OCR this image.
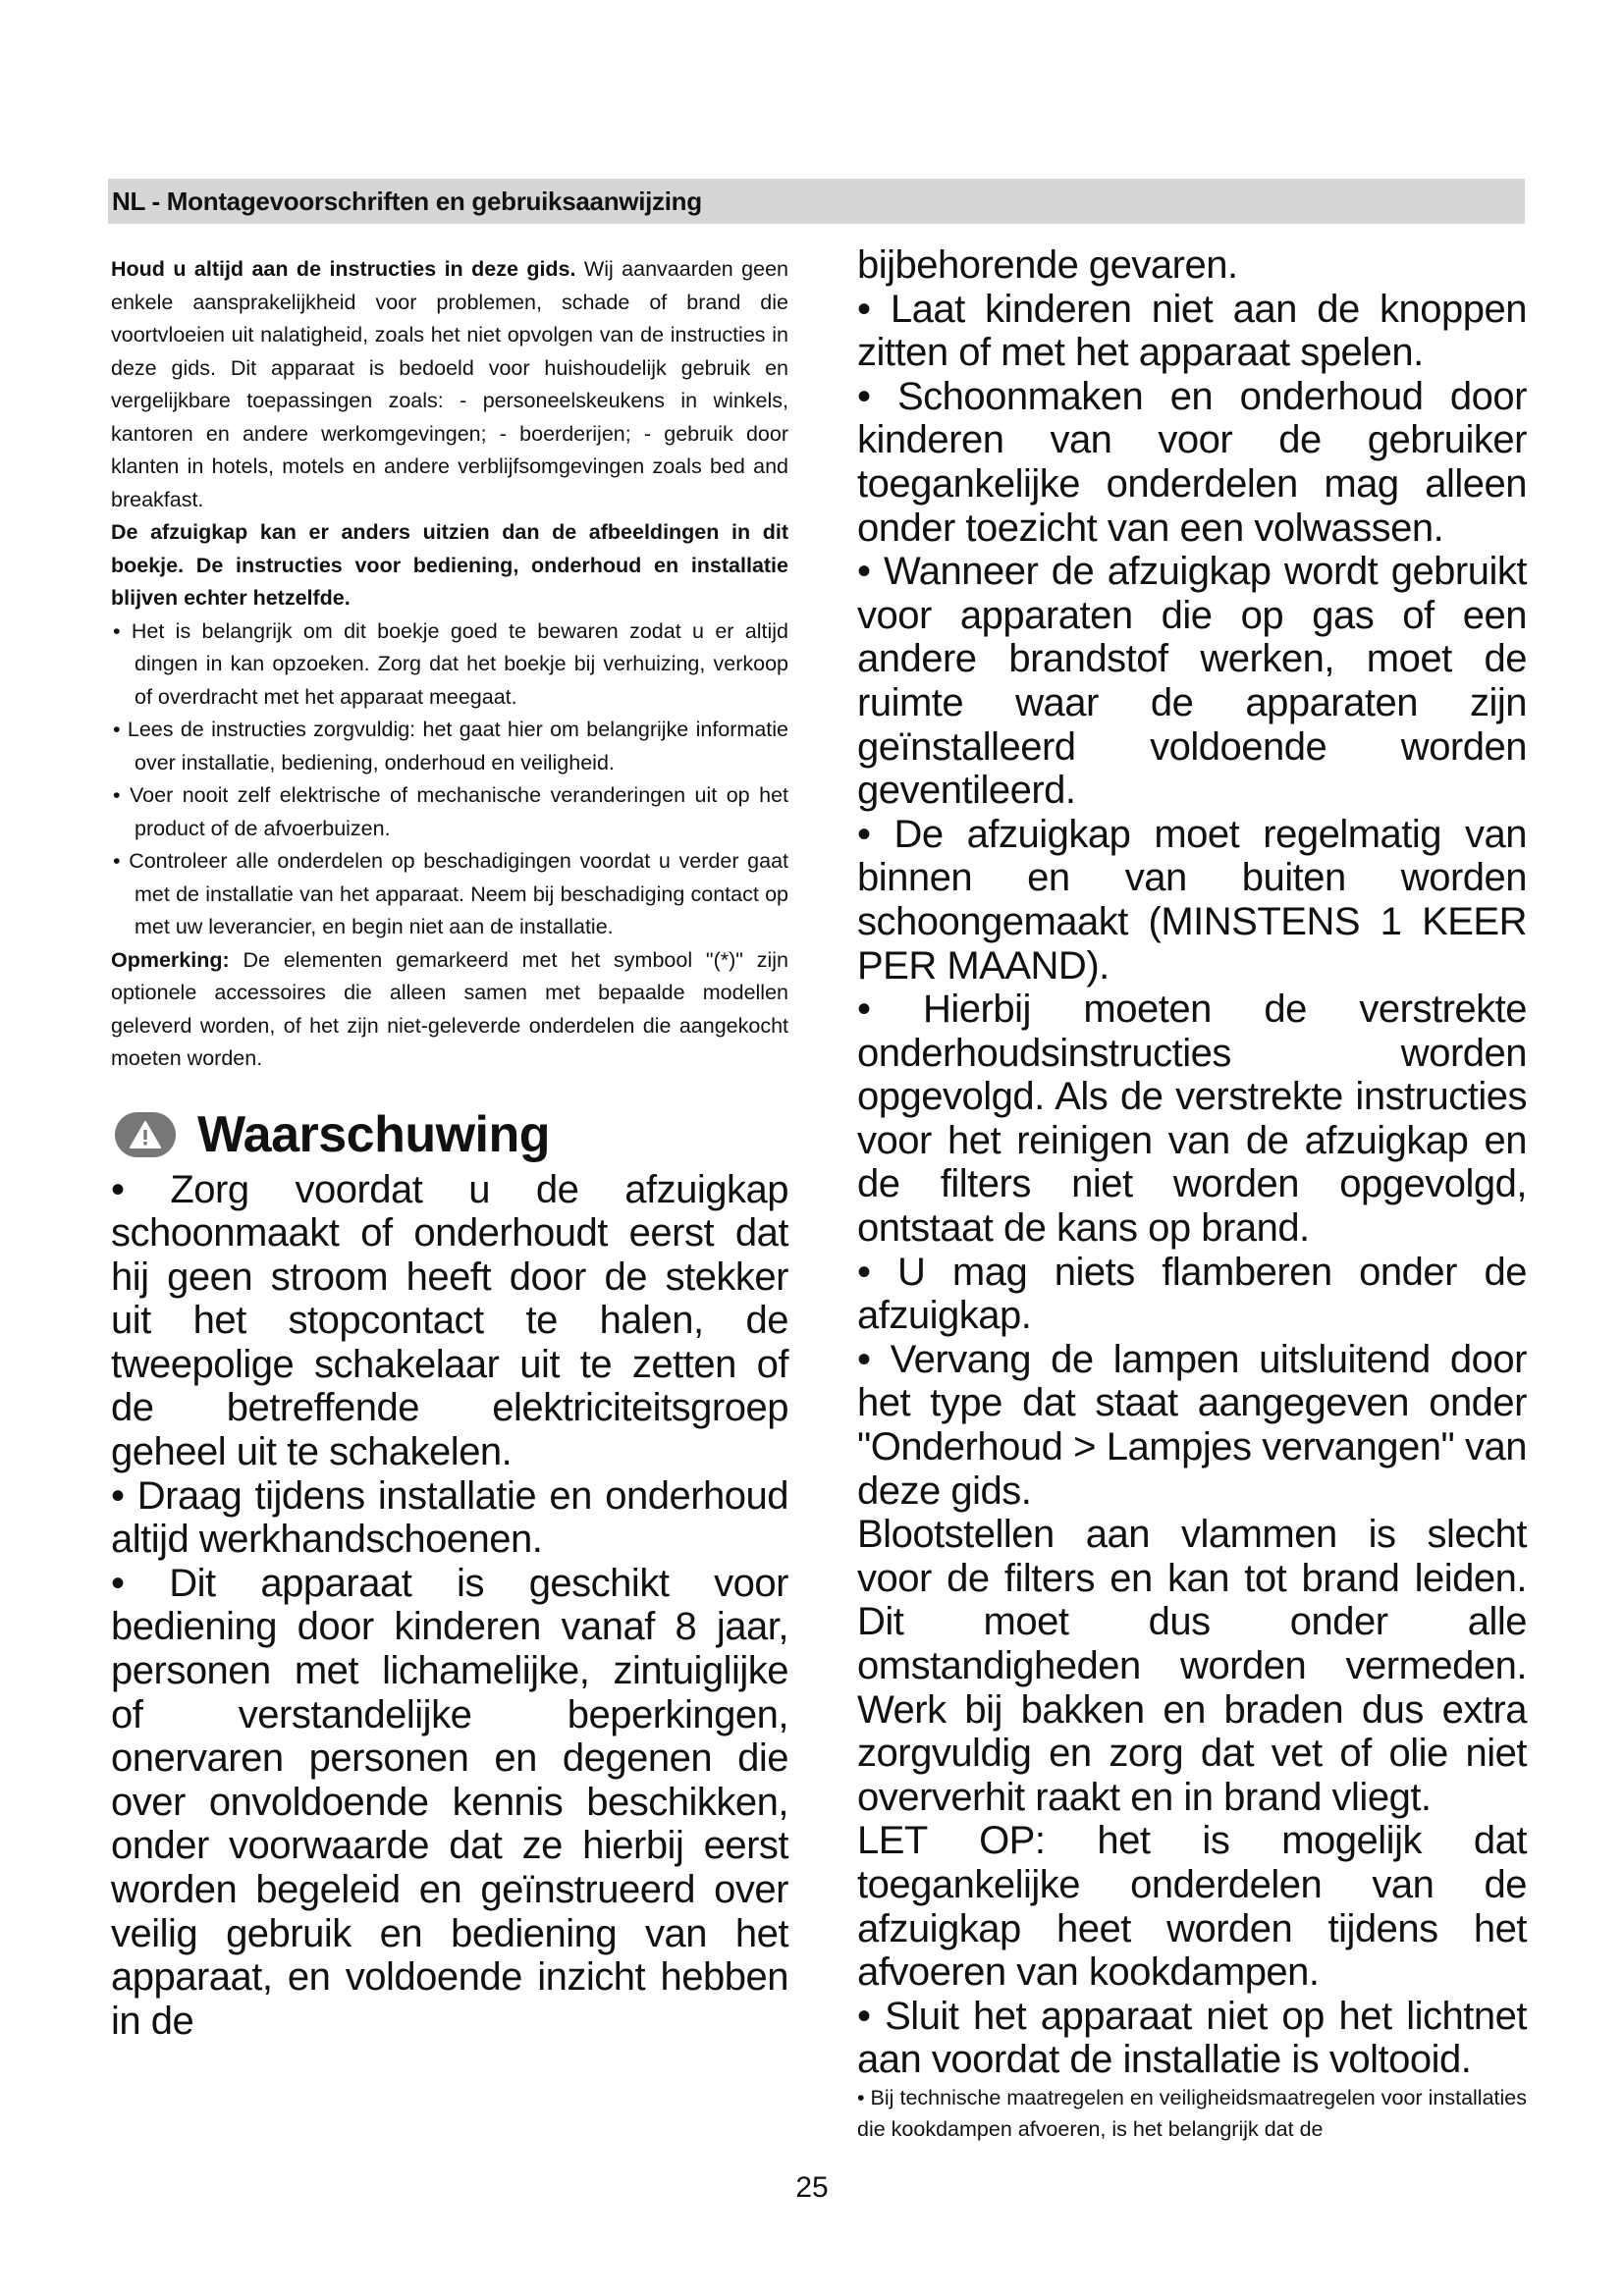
NL - Montagevoorschriften en gebruiksaanwijzing

Houd u altijd aan de instructies in deze gids. Wij aanvaarden geen enkele aansprakelijkheid voor problemen, schade of brand die voortvloeien uit nalatigheid, zoals het niet opvolgen van de instructies in deze gids. Dit apparaat is bedoeld voor huishoudelijk gebruik en vergelijkbare toepassingen zoals: - personeelskeukens in winkels, kantoren en andere werkomgevingen; - boerderijen; - gebruik door klanten in hotels, motels en andere verblijfsomgevingen zoals bed and breakfast.

De afzuigkap kan er anders uitzien dan de afbeeldingen in dit boekje. De instructies voor bediening, onderhoud en installatie blijven echter hetzelfde.

• Het is belangrijk om dit boekje goed te bewaren zodat u er altijd dingen in kan opzoeken. Zorg dat het boekje bij verhuizing, verkoop of overdracht met het apparaat meegaat.

• Lees de instructies zorgvuldig: het gaat hier om belangrijke informatie over installatie, bediening, onderhoud en veiligheid.

• Voer nooit zelf elektrische of mechanische veranderingen uit op het product of de afvoerbuizen.

• Controleer alle onderdelen op beschadigingen voordat u verder gaat met de installatie van het apparaat. Neem bij beschadiging contact op met uw leverancier, en begin niet aan de installatie.

Opmerking: De elementen gemarkeerd met het symbool "(*)" zijn optionele accessoires die alleen samen met bepaalde modellen geleverd worden, of het zijn niet-geleverde onderdelen die aangekocht moeten worden.

Waarschuwing

• Zorg voordat u de afzuigkap schoonmaakt of onderhoudt eerst dat hij geen stroom heeft door de stekker uit het stopcontact te halen, de tweepolige schakelaar uit te zetten of de betreffende elektriciteitsgroep geheel uit te schakelen.

• Draag tijdens installatie en onderhoud altijd werkhandschoenen.

• Dit apparaat is geschikt voor bediening door kinderen vanaf 8 jaar, personen met lichamelijke, zintuiglijke of verstandelijke beperkingen, onervaren personen en degenen die over onvoldoende kennis beschikken, onder voorwaarde dat ze hierbij eerst worden begeleid en geïnstrueerd over veilig gebruik en bediening van het apparaat, en voldoende inzicht hebben in de

bijbehorende gevaren.

• Laat kinderen niet aan de knoppen zitten of met het apparaat spelen.

• Schoonmaken en onderhoud door kinderen van voor de gebruiker toegankelijke onderdelen mag alleen onder toezicht van een volwassen.

• Wanneer de afzuigkap wordt gebruikt voor apparaten die op gas of een andere brandstof werken, moet de ruimte waar de apparaten zijn geïnstalleerd voldoende worden geventileerd.

• De afzuigkap moet regelmatig van binnen en van buiten worden schoongemaakt (MINSTENS 1 KEER PER MAAND).

• Hierbij moeten de verstrekte onderhoudsinstructies worden opgevolgd. Als de verstrekte instructies voor het reinigen van de afzuigkap en de filters niet worden opgevolgd, ontstaat de kans op brand.

• U mag niets flamberen onder de afzuigkap.

• Vervang de lampen uitsluitend door het type dat staat aangegeven onder "Onderhoud > Lampjes vervangen" van deze gids.

Blootstellen aan vlammen is slecht voor de filters en kan tot brand leiden. Dit moet dus onder alle omstandigheden worden vermeden. Werk bij bakken en braden dus extra zorgvuldig en zorg dat vet of olie niet oververhit raakt en in brand vliegt.

LET OP: het is mogelijk dat toegankelijke onderdelen van de afzuigkap heet worden tijdens het afvoeren van kookdampen.

• Sluit het apparaat niet op het lichtnet aan voordat de installatie is voltooid.

• Bij technische maatregelen en veiligheidsmaatregelen voor installaties die kookdampen afvoeren, is het belangrijk dat de

25
